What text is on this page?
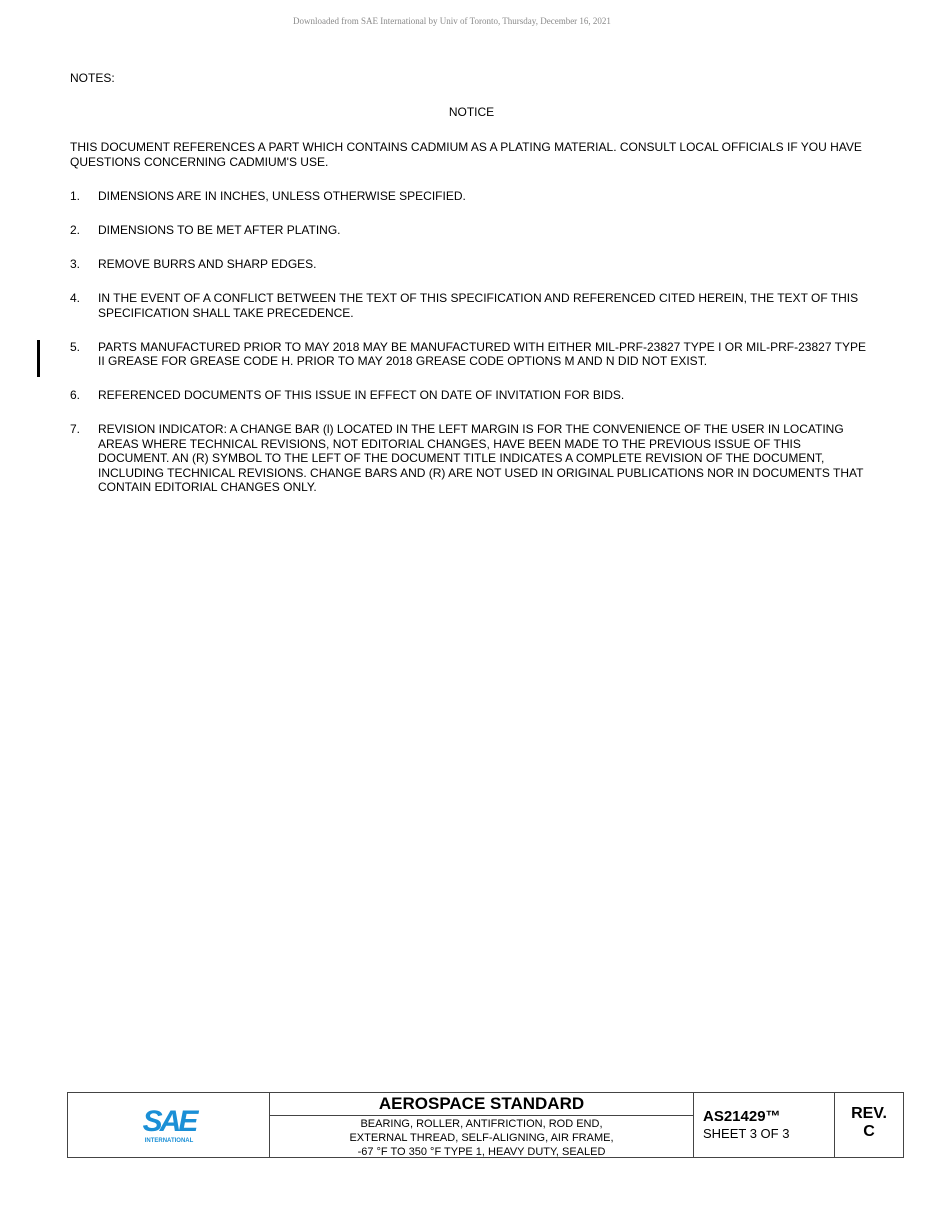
Downloaded from SAE International by Univ of Toronto, Thursday, December 16, 2021
NOTES:
NOTICE
THIS DOCUMENT REFERENCES A PART WHICH CONTAINS CADMIUM AS A PLATING MATERIAL. CONSULT LOCAL OFFICIALS IF YOU HAVE QUESTIONS CONCERNING CADMIUM'S USE.
1. DIMENSIONS ARE IN INCHES, UNLESS OTHERWISE SPECIFIED.
2. DIMENSIONS TO BE MET AFTER PLATING.
3. REMOVE BURRS AND SHARP EDGES.
4. IN THE EVENT OF A CONFLICT BETWEEN THE TEXT OF THIS SPECIFICATION AND REFERENCED CITED HEREIN, THE TEXT OF THIS SPECIFICATION SHALL TAKE PRECEDENCE.
5. PARTS MANUFACTURED PRIOR TO MAY 2018 MAY BE MANUFACTURED WITH EITHER MIL-PRF-23827 TYPE I OR MIL-PRF-23827 TYPE II GREASE FOR GREASE CODE H. PRIOR TO MAY 2018 GREASE CODE OPTIONS M AND N DID NOT EXIST.
6. REFERENCED DOCUMENTS OF THIS ISSUE IN EFFECT ON DATE OF INVITATION FOR BIDS.
7. REVISION INDICATOR: A CHANGE BAR (l) LOCATED IN THE LEFT MARGIN IS FOR THE CONVENIENCE OF THE USER IN LOCATING AREAS WHERE TECHNICAL REVISIONS, NOT EDITORIAL CHANGES, HAVE BEEN MADE TO THE PREVIOUS ISSUE OF THIS DOCUMENT. AN (R) SYMBOL TO THE LEFT OF THE DOCUMENT TITLE INDICATES A COMPLETE REVISION OF THE DOCUMENT, INCLUDING TECHNICAL REVISIONS. CHANGE BARS AND (R) ARE NOT USED IN ORIGINAL PUBLICATIONS NOR IN DOCUMENTS THAT CONTAIN EDITORIAL CHANGES ONLY.
SAE
INTERNATIONAL
AEROSPACE STANDARD
BEARING, ROLLER, ANTIFRICTION, ROD END,
EXTERNAL THREAD, SELF-ALIGNING, AIR FRAME,
-67 °F TO 350 °F TYPE 1, HEAVY DUTY, SEALED
AS21429™
SHEET 3 OF 3
REV.
C
